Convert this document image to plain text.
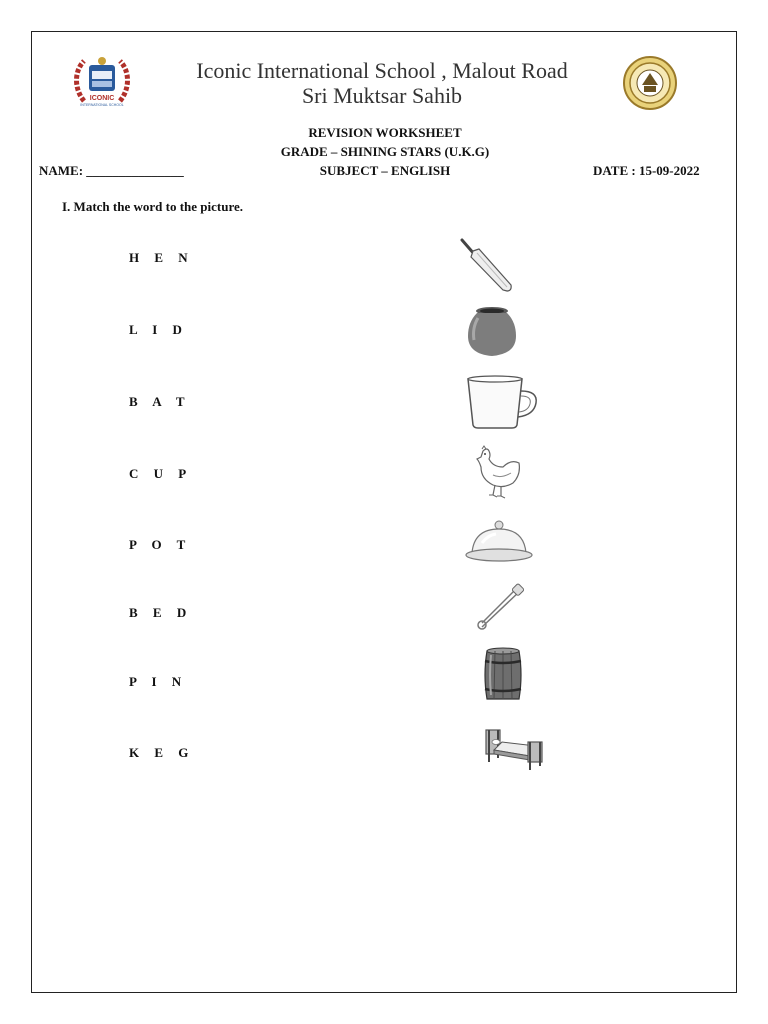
ICONIC
INTERNATIONAL SCHOOL
Iconic International School , Malout Road
Sri Muktsar Sahib
REVISION WORKSHEET
GRADE – SHINING STARS (U.K.G)
SUBJECT – ENGLISH
NAME: _______________	DATE : 15-09-2022
I. Match the word to the picture.
H E N
L I D
B A T
C U P
P O T
B E D
P I N
K E G
